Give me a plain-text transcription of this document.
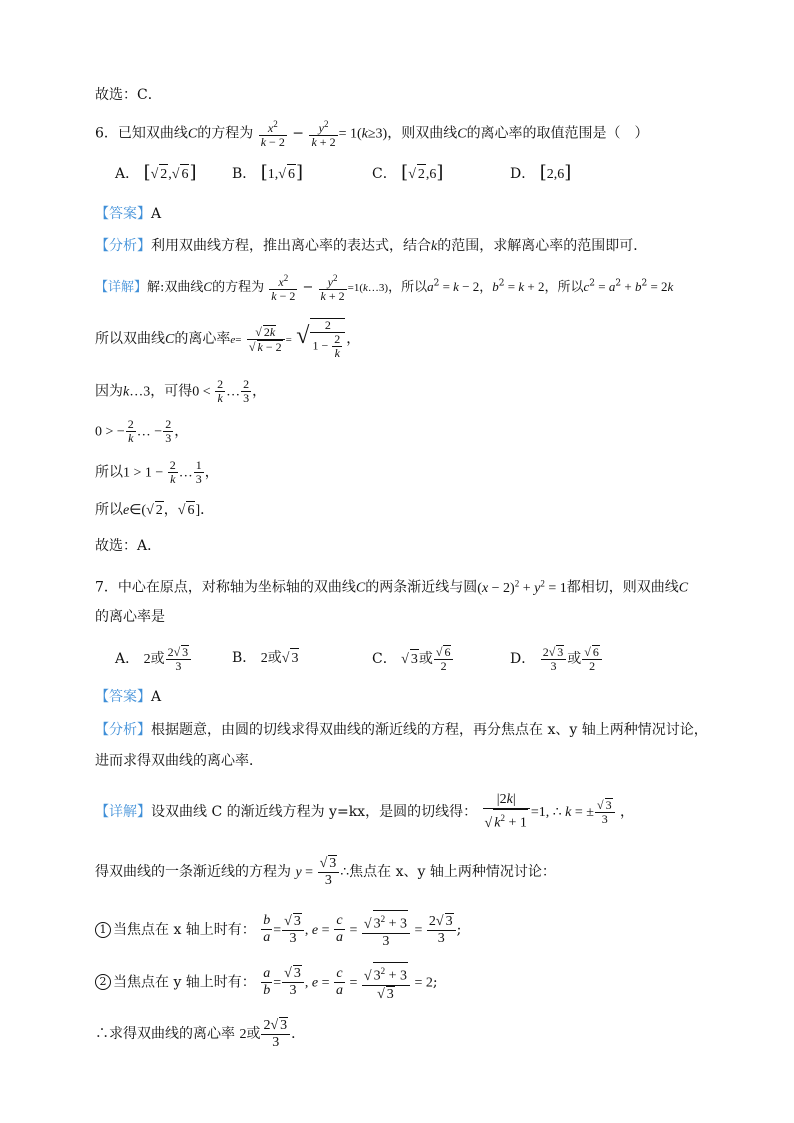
故选：C．
6．已知双曲线C的方程为 $\frac{x^2}{k - 2} - \frac{y^2}{k + 2} = 1(k\ge 3)$，则双曲线C的离心率的取值范围是（　）
A． [ √ 2, √ 6]	B． [1, √ 6]	C． [ √ 2,6]	D． [2,6]
【答案】A
【分析】利用双曲线方程，推出离心率的表达式，结合k的范围，求解离心率的范围即可．
【详解】解:双曲线C的方程为 $\frac{x^2}{k - 2} - \frac{y^2}{k + 2}$ =1(k…3)，所以$a^2 = k - 2$，$b^2 = k + 2$，所以$c^2 = a^2 + b^2 = 2k$
所以双曲线C的离心率e= √ 2k
√ k − 2 = √ $\frac{2}{1 - \frac{2}{k}}$ ，
因为k…3，可得$0 < \frac{2}{k}$ … $\frac{2}{3}$ ，
0 > − $\frac{2}{k}$ … − $\frac{2}{3}$ ，
所以$1 > 1 - \frac{2}{k}$ … $\frac{1}{3}$ ，
所以e∈( √ 2， √ 6]．
故选：A．
7．中心在原点，对称轴为坐标轴的双曲线C的两条渐近线与圆$(x - 2)^2 + y^2 = 1$都相切，则双曲线C
的离心率是
A． 2或 $\frac{2 √ 3}{3}$	B． 2或 √ 3	C． √ 3或 √ $\frac{6}{2}$	D． $\frac{2 √ 3}{3}$ 或 √ $\frac{6}{2}$
【答案】A
【分析】根据题意，由圆的切线求得双曲线的渐近线的方程，再分焦点在 x、y 轴上两种情况讨论，
进而求得双曲线的离心率．
【详解】设双曲线 C 的渐近线方程为 y=kx，是圆的切线得： |2k|
√ $k^2 + 1 =1$, ∴ k = ± √ $\frac{3}{3}$ ，
得双曲线的一条渐近线的方程为 y = √ $\frac{3}{3}$ ∴焦点在 x、y 轴上两种情况讨论：
1 当焦点在 x 轴上时有： $\frac{b}{a}$ = √ $\frac{3}{3}$ , $e = \frac{c}{a}$ = √ $\frac{3^2 + 3}{3} = \frac{2 √ 3}{3}$ ;
2 当焦点在 y 轴上时有： $\frac{a}{b}$ = √ $\frac{3}{3}$ , $e = \frac{c}{a}$ = √ $3^2 + 3$
√ 3 = 2;
∴求得双曲线的离心率 2或 $\frac{2 √ 3}{3}$ ．
